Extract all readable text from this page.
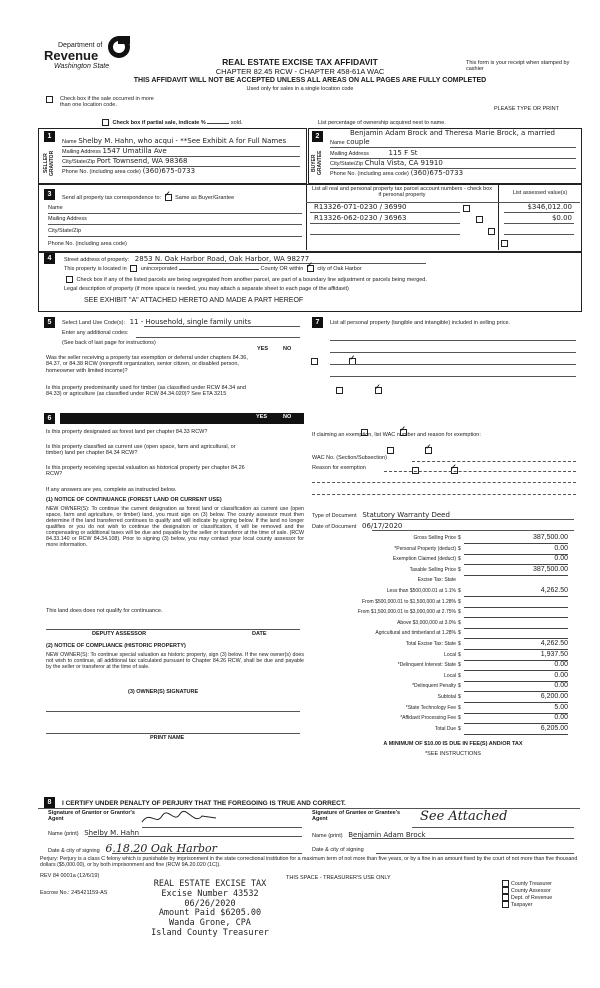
Department of
Revenue
Washington State	REAL ESTATE EXCISE TAX AFFIDAVIT
CHAPTER 82.45 RCW - CHAPTER 458-61A WAC
THIS AFFIDAVIT WILL NOT BE ACCEPTED UNLESS ALL AREAS ON ALL PAGES ARE FULLY COMPLETED
Used only for sales in a single location code
This form is your receipt when stamped by cashier
Check box if the sale occurred in more than one location code.
PLEASE TYPE OR PRINT
Check box if partial sale, indicate %	sold.	List percentage of ownership acquired next to name.
1
SELLER GRANTOR
Name Shelby M. Hahn, who acqui - **See Exhibit A for Full Names
Mailing Address 1547 Umatilla Ave
City/State/Zip Port Townsend, WA 98368
Phone No. (including area code) (360)675-0733
2
BUYER GRANTEE
Benjamin Adam Brock and Theresa Marie Brock, a married
Name couple
Mailing Address	115 F St
City/State/Zip Chula Vista, CA 91910
Phone No. (including area code) (360)675-0733
3	Send all property tax correspondence to: ✓	Same as Buyer/Grantee
Name
Mailing Address
City/State/Zip
Phone No. (including area code)
List all real and personal property tax parcel account numbers - check box if personal property	List assessed value(s)
R13326-071-0230 / 36990
	$346,012.00
R13326-062-0230 / 36963
	$0.00

4	Street address of property: 2853 N. Oak Harbor Road, Oak Harbor, WA 98277
This property is located in	unincorporated	County OR within ✓	city of Oak Harbor
Check box if any of the listed parcels are being segregated from another parcel, are part of a boundary line adjustment or parcels being merged.
Legal description of property (if more space is needed, you may attach a separate sheet to each page of the affidavit)
SEE EXHIBIT "A" ATTACHED HERETO AND MADE A PART HEREOF
5	Select Land Use Code(s): 11 - Household, single family units
Enter any additional codes:
(See back of last page for instructions)
YES	NO
Was the seller receiving a property tax exemption or deferral under chapters 84.36, 84.37, or 84.38 RCW (nonprofit organization, senior citizen, or disabled person, homeowner with limited income)?
✓
Is this property predominantly used for timber (as classified under RCW 84.34 and 84.33) or agriculture (as classified under RCW 84.34.020)? See ETA 3215
✓
6	YES	NO
Is this property designated as forest land per chapter 84.33 RCW?
✓
Is this property classified as current use (open space, farm and agricultural, or timber) land per chapter 84.34 RCW?
✓
Is this property receiving special valuation as historical property per chapter 84.26 RCW?
✓
If any answers are yes, complete as instructed below.
(1) NOTICE OF CONTINUANCE (FOREST LAND OR CURRENT USE)
NEW OWNER(S): To continue the current designation as forest land or classification as current use (open space, farm and agriculture, or timber) land, you must sign on (3) below. The county assessor must then determine if the land transferred continues to qualify and will indicate by signing below. If the land no longer qualifies or you do not wish to continue the designation or classification, it will be removed and the compensating or additional taxes will be due and payable by the seller or transferor at the time of sale. (RCW 84.33.140 or RCW 84.34.108). Prior to signing (3) below, you may contact your local county assessor for more information.
This land does does not qualify for continuance.
DEPUTY ASSESSOR	DATE
(2) NOTICE OF COMPLIANCE (HISTORIC PROPERTY)
NEW OWNER(S): To continue special valuation as historic property, sign (3) below. If the new owner(s) does not wish to continue, all additional tax calculated pursuant to Chapter 84.26 RCW, shall be due and payable by the seller or transferor at the time of sale.
(3) OWNER(S) SIGNATURE
PRINT NAME
7	List all personal property (tangible and intangible) included in selling price.
If claiming an exemption, list WAC number and reason for exemption:
WAC No. (Section/Subsection)
Reason for exemption
Type of Document Statutory Warranty Deed
Date of Document 06/17/2020
Gross Selling Price $	387,500.00
*Personal Property (deduct) $	0.00
Exemption Claimed (deduct) $	0.00
Taxable Selling Price $	387,500.00
Excise Tax: State
Less than $500,000.01 at 1.1% $	4,262.50
From $500,000.01 to $1,500,000 at 1.28% $
From $1,500,000.01 to $3,000,000 at 2.75% $
Above $3,000,000 at 3.0% $
Agricultural and timberland at 1.28% $
Total Excise Tax: State $	4,262.50
Local $	1,937.50
*Delinquent Interest: State $	0.00
Local $	0.00
*Delinquent Penalty $	0.00
Subtotal $	6,200.00
*State Technology Fee $	5.00
*Affidavit Processing Fee $	0.00
Total Due $	6,205.00
A MINIMUM OF $10.00 IS DUE IN FEE(S) AND/OR TAX
*SEE INSTRUCTIONS
8	I CERTIFY UNDER PENALTY OF PERJURY THAT THE FOREGOING IS TRUE AND CORRECT.
Signature of Grantor or Grantor's Agent
Signature of Grantee or Grantee's Agent	See Attached
Name (print) Shelby M. Hahn	Name (print) Benjamin Adam Brock
Date & city of signing 6.18.20 Oak Harbor	Date & city of signing
Perjury: Perjury is a class C felony which is punishable by imprisonment in the state correctional institution for a maximum term of not more than five years, or by a fine in an amount fixed by the court of not more than five thousand dollars ($5,000.00), or by both imprisonment and fine (RCW 9A.20.020 (1C)).
REV 84 0001a (12/6/19)	THIS SPACE - TREASURER'S USE ONLY
Escrow No.: 245421159-AS
REAL ESTATE EXCISE TAX
Excise Number 43532
06/26/2020
Amount Paid $6205.00
Wanda Grone, CPA
Island County Treasurer
County Treasurer
County Assessor
Dept. of Revenue
Taxpayer
